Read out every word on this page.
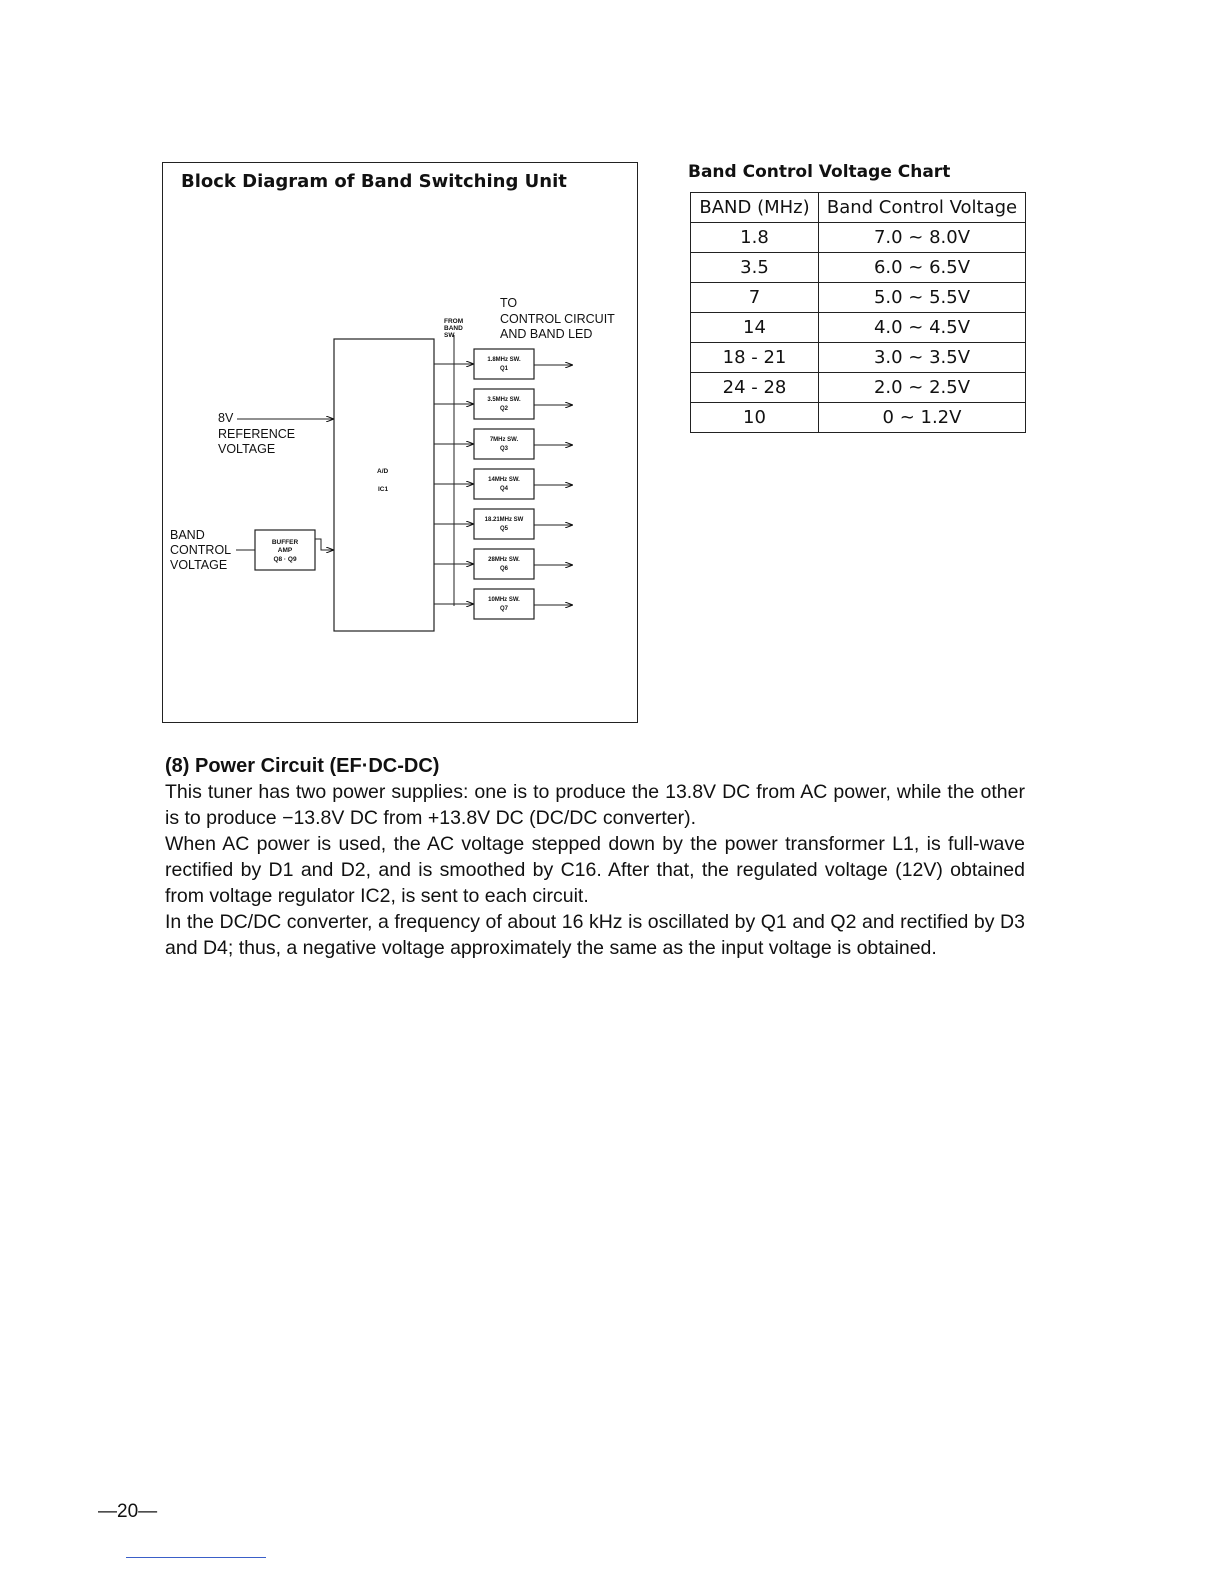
Block Diagram of Band Switching Unit
TO
CONTROL CIRCUIT
AND BAND LED
FROM
BAND
SW
A/D
IC1
8V
REFERENCE
VOLTAGE
BAND
CONTROL
VOLTAGE
BUFFER
AMP
Q8 · Q9
1.8MHz SW.
Q1
3.5MHz SW.
Q2
7MHz SW.
Q3
14MHz SW.
Q4
18.21MHz SW
Q5
28MHz SW.
Q6
10MHz SW.
Q7
Band Control Voltage Chart
BAND (MHz)	Band Control Voltage
1.8	7.0 ~ 8.0V
3.5	6.0 ~ 6.5V
7	5.0 ~ 5.5V
14	4.0 ~ 4.5V
18 - 21	3.0 ~ 3.5V
24 - 28	2.0 ~ 2.5V
10	0 ~ 1.2V
(8) Power Circuit (EF·DC-DC)

This tuner has two power supplies: one is to produce the 13.8V DC from AC power, while the other is to produce −13.8V DC from +13.8V DC (DC/DC converter).

When AC power is used, the AC voltage stepped down by the power transformer L1, is full-wave rectified by D1 and D2, and is smoothed by C16. After that, the regulated voltage (12V) obtained from voltage regulator IC2, is sent to each circuit.

In the DC/DC converter, a frequency of about 16 kHz is oscillated by Q1 and Q2 and rectified by D3 and D4; thus, a negative voltage approximately the same as the input voltage is obtained.

—20—
